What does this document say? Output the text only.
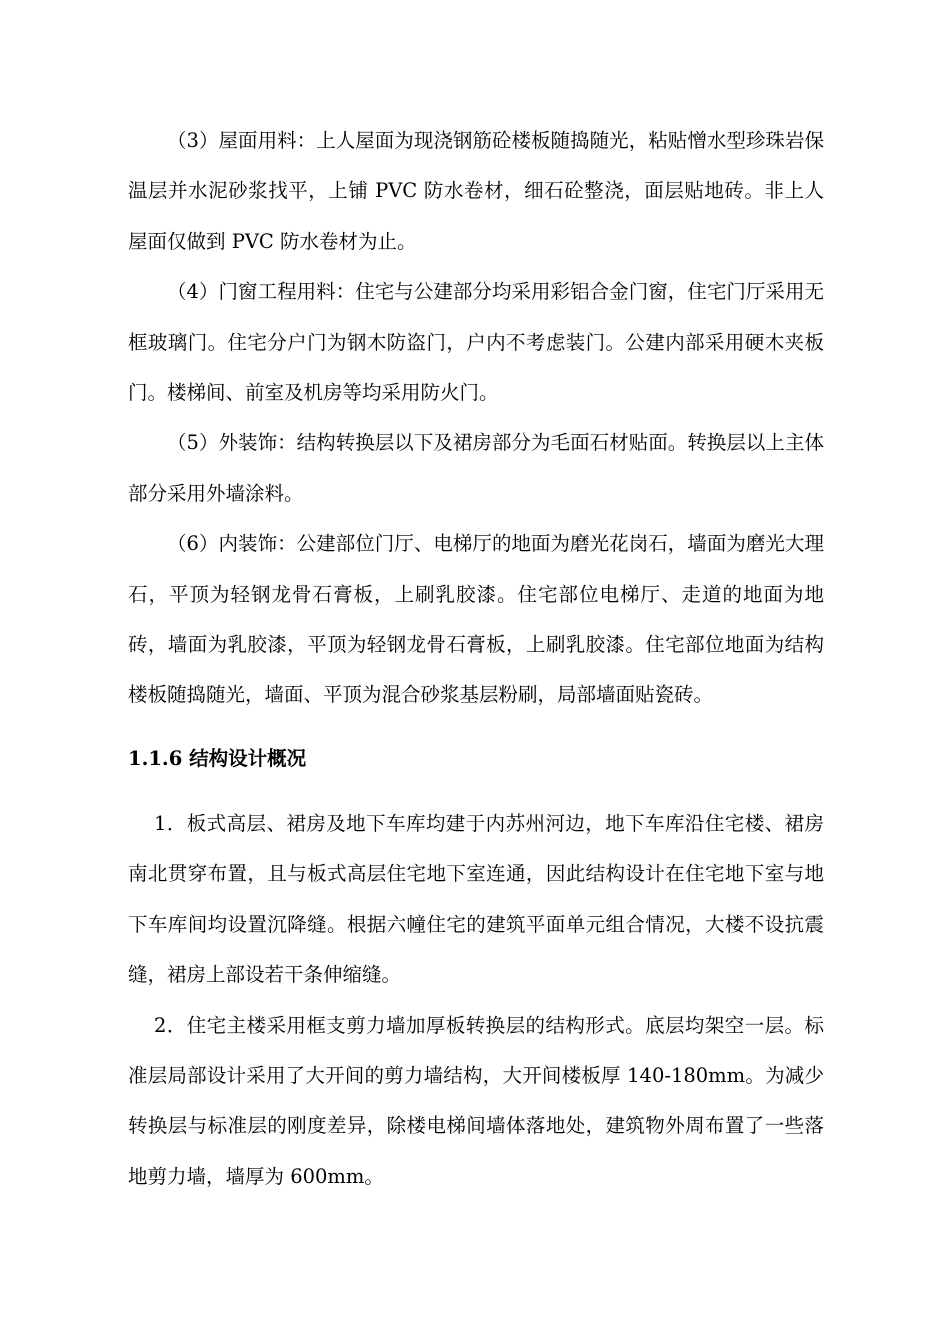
（3）屋面用料：上人屋面为现浇钢筋砼楼板随捣随光，粘贴憎水型珍珠岩保温层并水泥砂浆找平，上铺 PVC 防水卷材，细石砼整浇，面层贴地砖。非上人屋面仅做到 PVC 防水卷材为止。

（4）门窗工程用料：住宅与公建部分均采用彩铝合金门窗，住宅门厅采用无框玻璃门。住宅分户门为钢木防盗门，户内不考虑装门。公建内部采用硬木夹板门。楼梯间、前室及机房等均采用防火门。

（5）外装饰：结构转换层以下及裙房部分为毛面石材贴面。转换层以上主体部分采用外墙涂料。

（6）内装饰：公建部位门厅、电梯厅的地面为磨光花岗石，墙面为磨光大理石，平顶为轻钢龙骨石膏板，上刷乳胶漆。住宅部位电梯厅、走道的地面为地砖，墙面为乳胶漆，平顶为轻钢龙骨石膏板，上刷乳胶漆。住宅部位地面为结构楼板随捣随光，墙面、平顶为混合砂浆基层粉刷，局部墙面贴瓷砖。

1.1.6 结构设计概况

1．板式高层、裙房及地下车库均建于内苏州河边，地下车库沿住宅楼、裙房南北贯穿布置，且与板式高层住宅地下室连通，因此结构设计在住宅地下室与地下车库间均设置沉降缝。根据六幢住宅的建筑平面单元组合情况，大楼不设抗震缝，裙房上部设若干条伸缩缝。

2．住宅主楼采用框支剪力墙加厚板转换层的结构形式。底层均架空一层。标准层局部设计采用了大开间的剪力墙结构，大开间楼板厚 140-180mm。为减少转换层与标准层的刚度差异，除楼电梯间墙体落地处，建筑物外周布置了一些落地剪力墙，墙厚为 600mm。
